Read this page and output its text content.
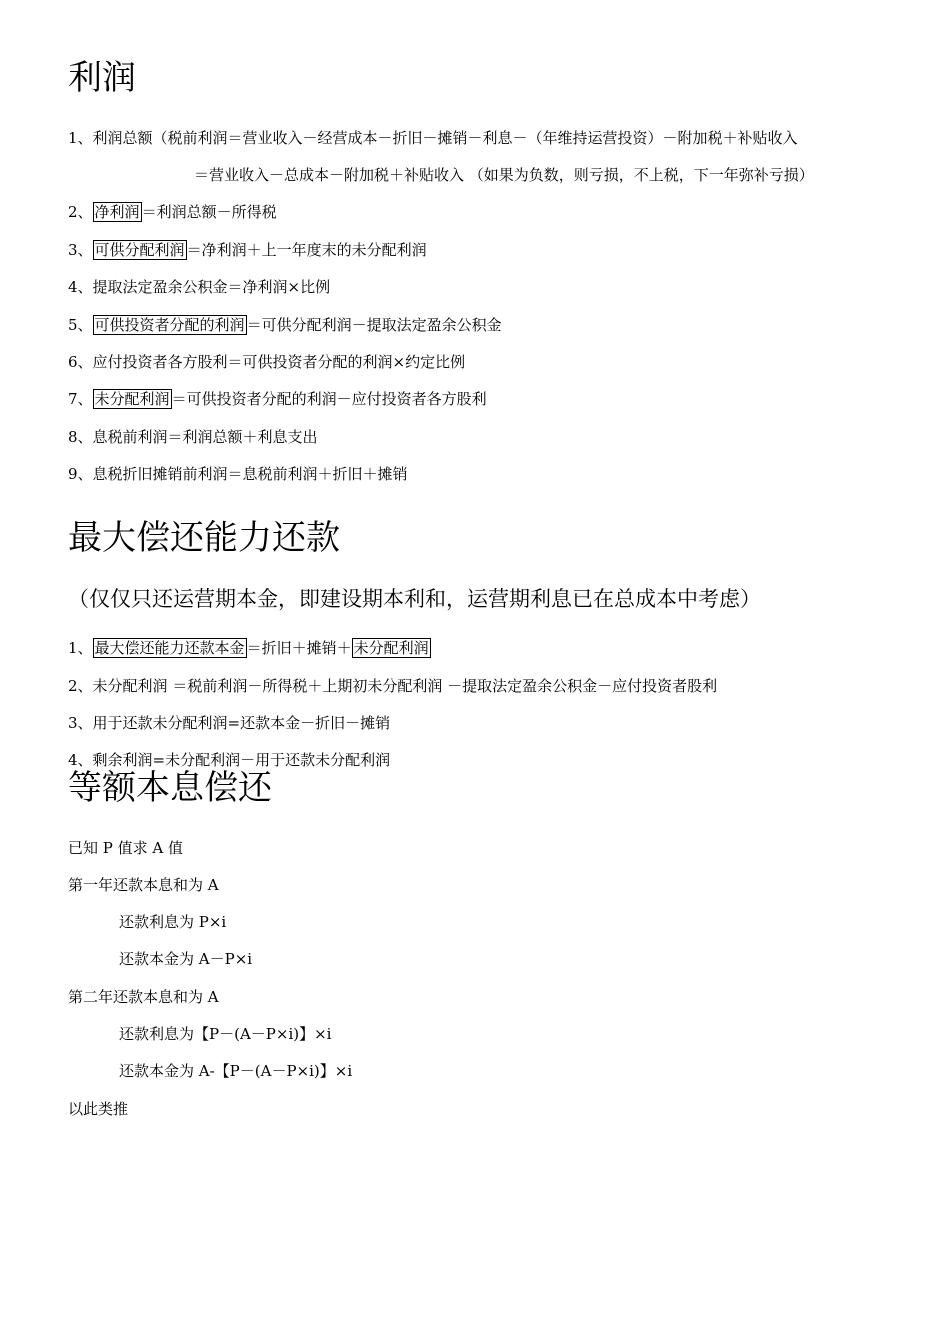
利润
1、利润总额（税前利润＝营业收入－经营成本－折旧－摊销－利息－（年维持运营投资）－附加税＋补贴收入
＝营业收入－总成本－附加税＋补贴收入 （如果为负数，则亏损，不上税，下一年弥补亏损）
2、 净利润 ＝利润总额－所得税
3、 可供分配利润 ＝净利润＋上一年度末的未分配利润
4、提取法定盈余公积金＝净利润×比例
5、 可供投资者分配的利润 ＝可供分配利润－提取法定盈余公积金
6、应付投资者各方股利＝可供投资者分配的利润×约定比例
7、 未分配利润 ＝可供投资者分配的利润－应付投资者各方股利
8、息税前利润＝利润总额＋利息支出
9、息税折旧摊销前利润＝息税前利润＋折旧＋摊销
最大偿还能力还款
（仅仅只还运营期本金，即建设期本利和，运营期利息已在总成本中考虑）
1、 最大偿还能力还款本金 ＝折旧＋摊销＋ 未分配利润
2、未分配利润 ＝税前利润－所得税＋上期初未分配利润 －提取法定盈余公积金－应付投资者股利
3、用于还款未分配利润=还款本金－折旧－摊销
4、剩余利润=未分配利润－用于还款未分配利润
等额本息偿还
已知 P 值求 A 值
第一年还款本息和为 A
还款利息为 P×i
还款本金为 A－P×i
第二年还款本息和为 A
还款利息为【P－(A－P×i)】×i
还款本金为 A-【P－(A－P×i)】×i
以此类推
